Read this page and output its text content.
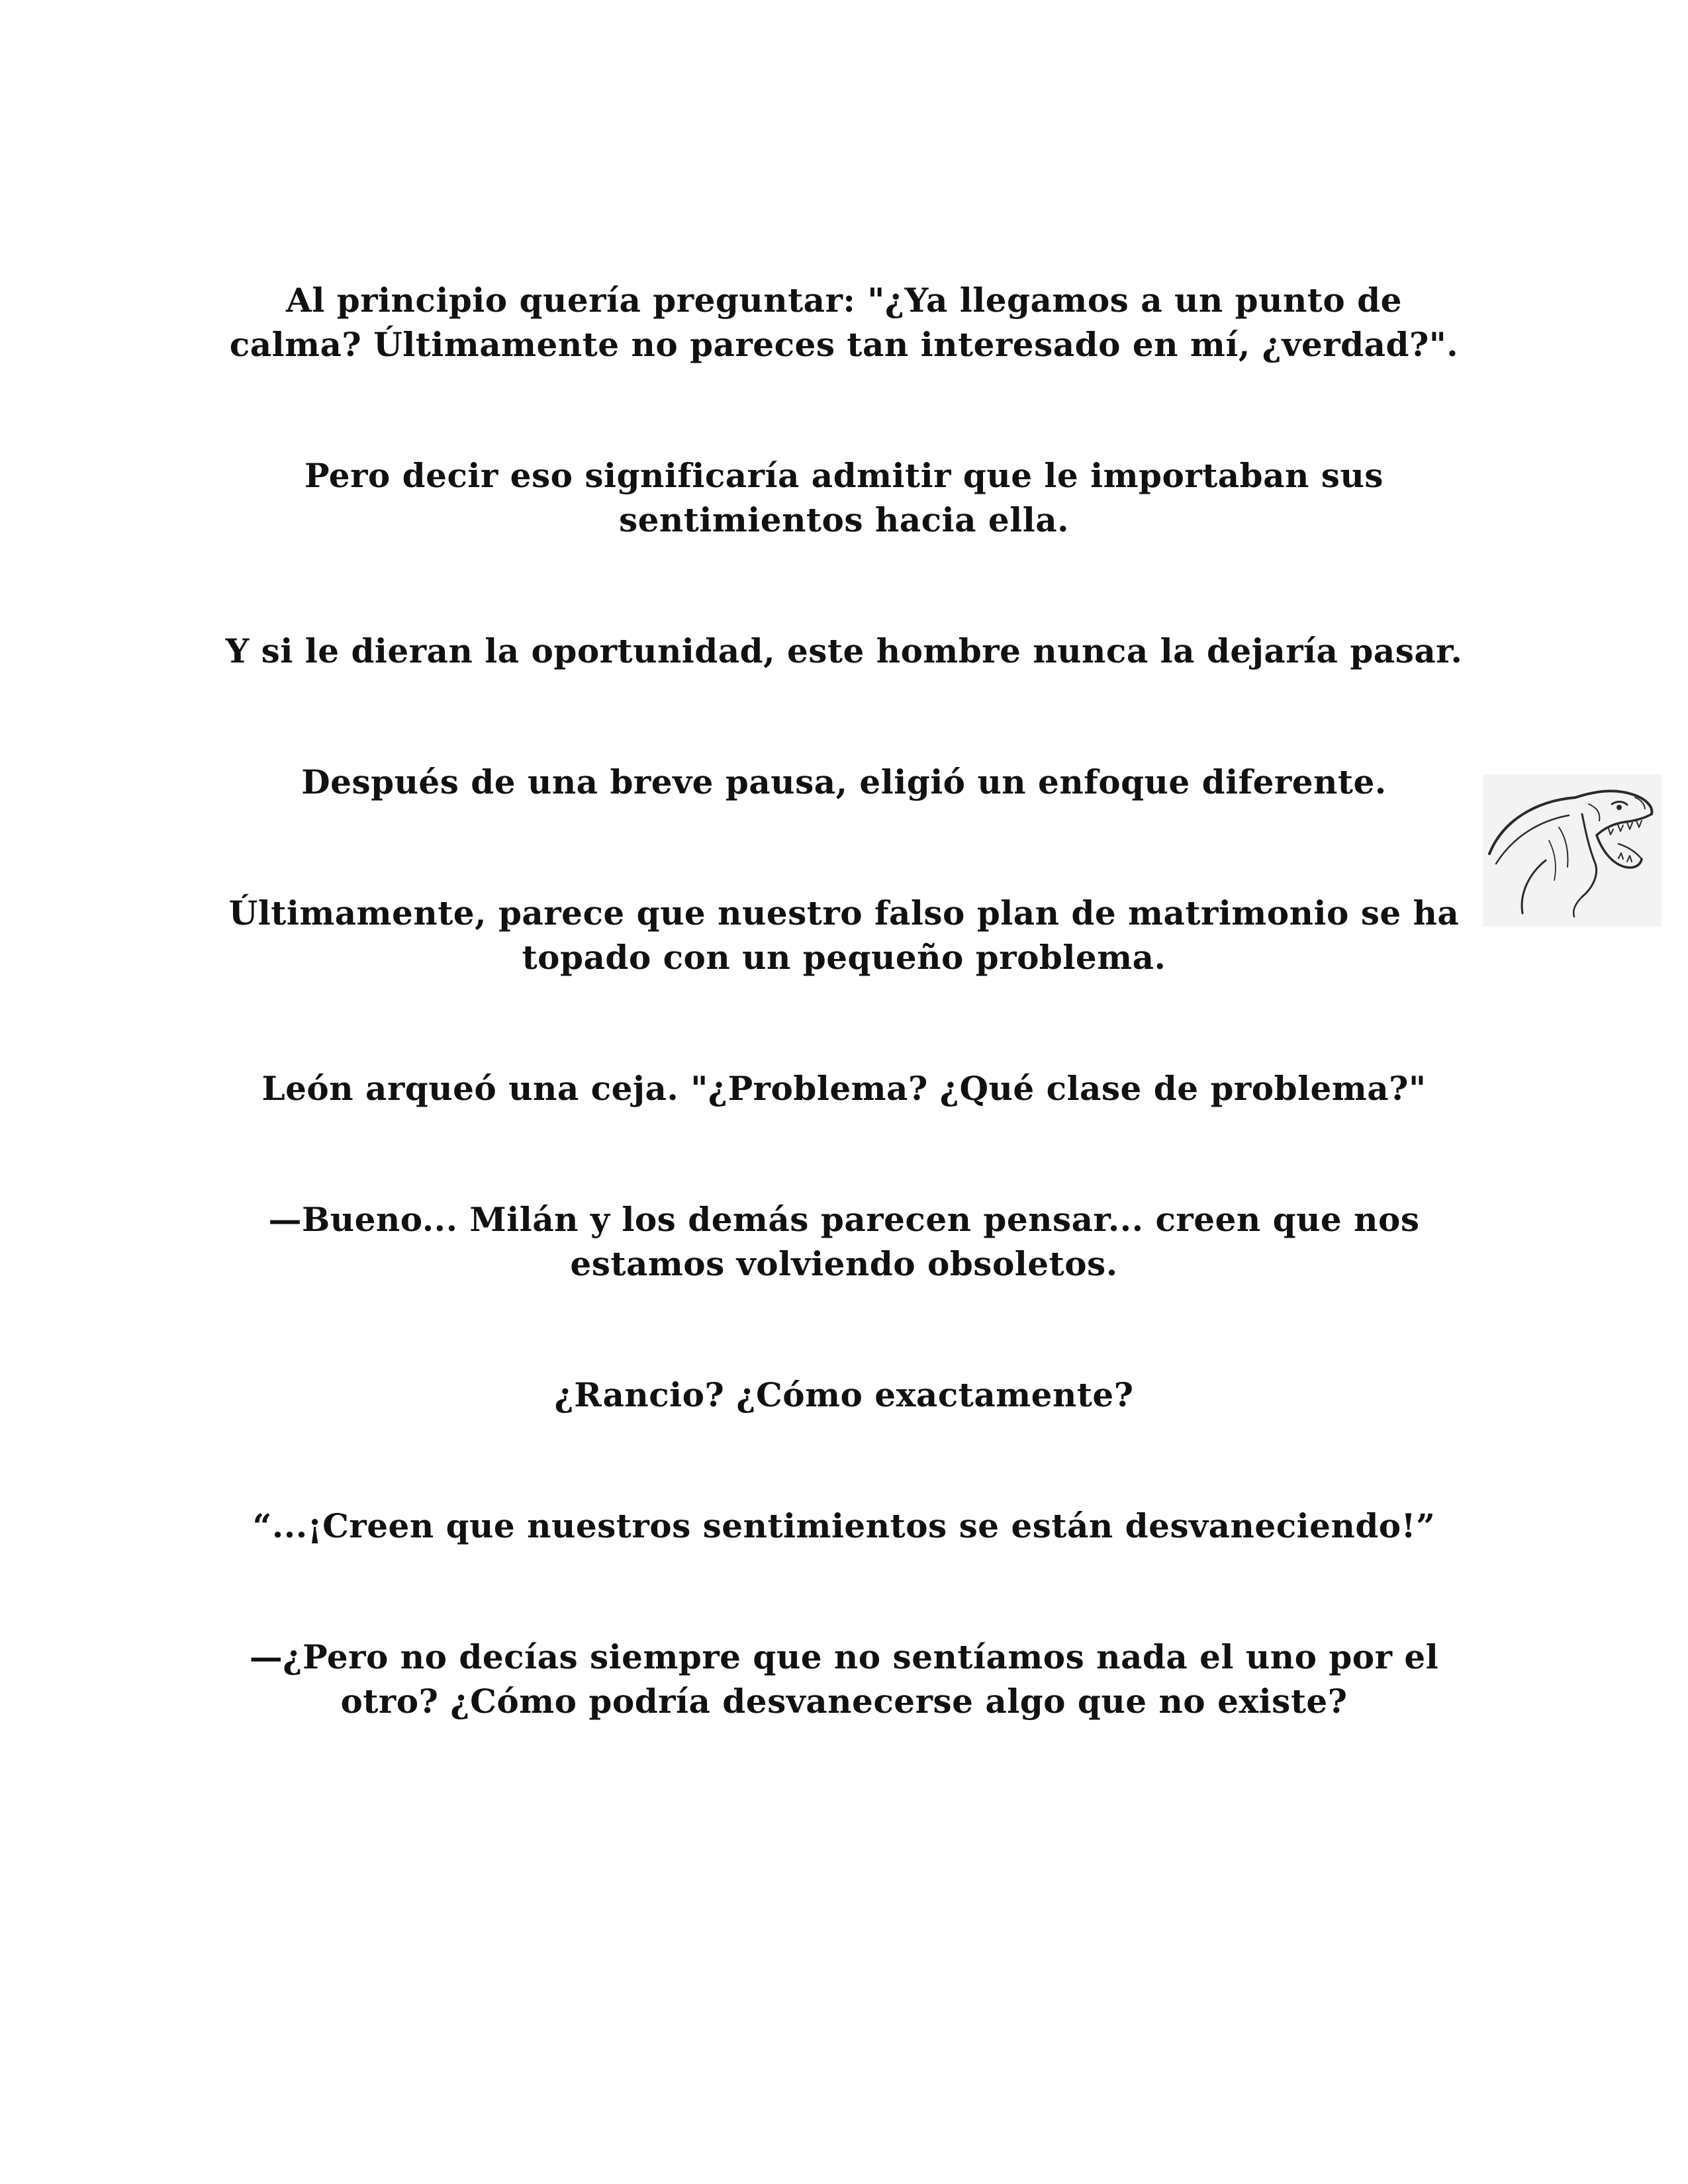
Al principio quería preguntar: "¿Ya llegamos a un punto de calma? Últimamente no pareces tan interesado en mí, ¿verdad?".

Pero decir eso significaría admitir que le importaban sus sentimientos hacia ella.

Y si le dieran la oportunidad, este hombre nunca la dejaría pasar.

Después de una breve pausa, eligió un enfoque diferente.

Últimamente, parece que nuestro falso plan de matrimonio se ha topado con un pequeño problema.

León arqueó una ceja. "¿Problema? ¿Qué clase de problema?"

—Bueno... Milán y los demás parecen pensar... creen que nos estamos volviendo obsoletos.

¿Rancio? ¿Cómo exactamente?

“...¡Creen que nuestros sentimientos se están desvaneciendo!”

—¿Pero no decías siempre que no sentíamos nada el uno por el otro? ¿Cómo podría desvanecerse algo que no existe?
